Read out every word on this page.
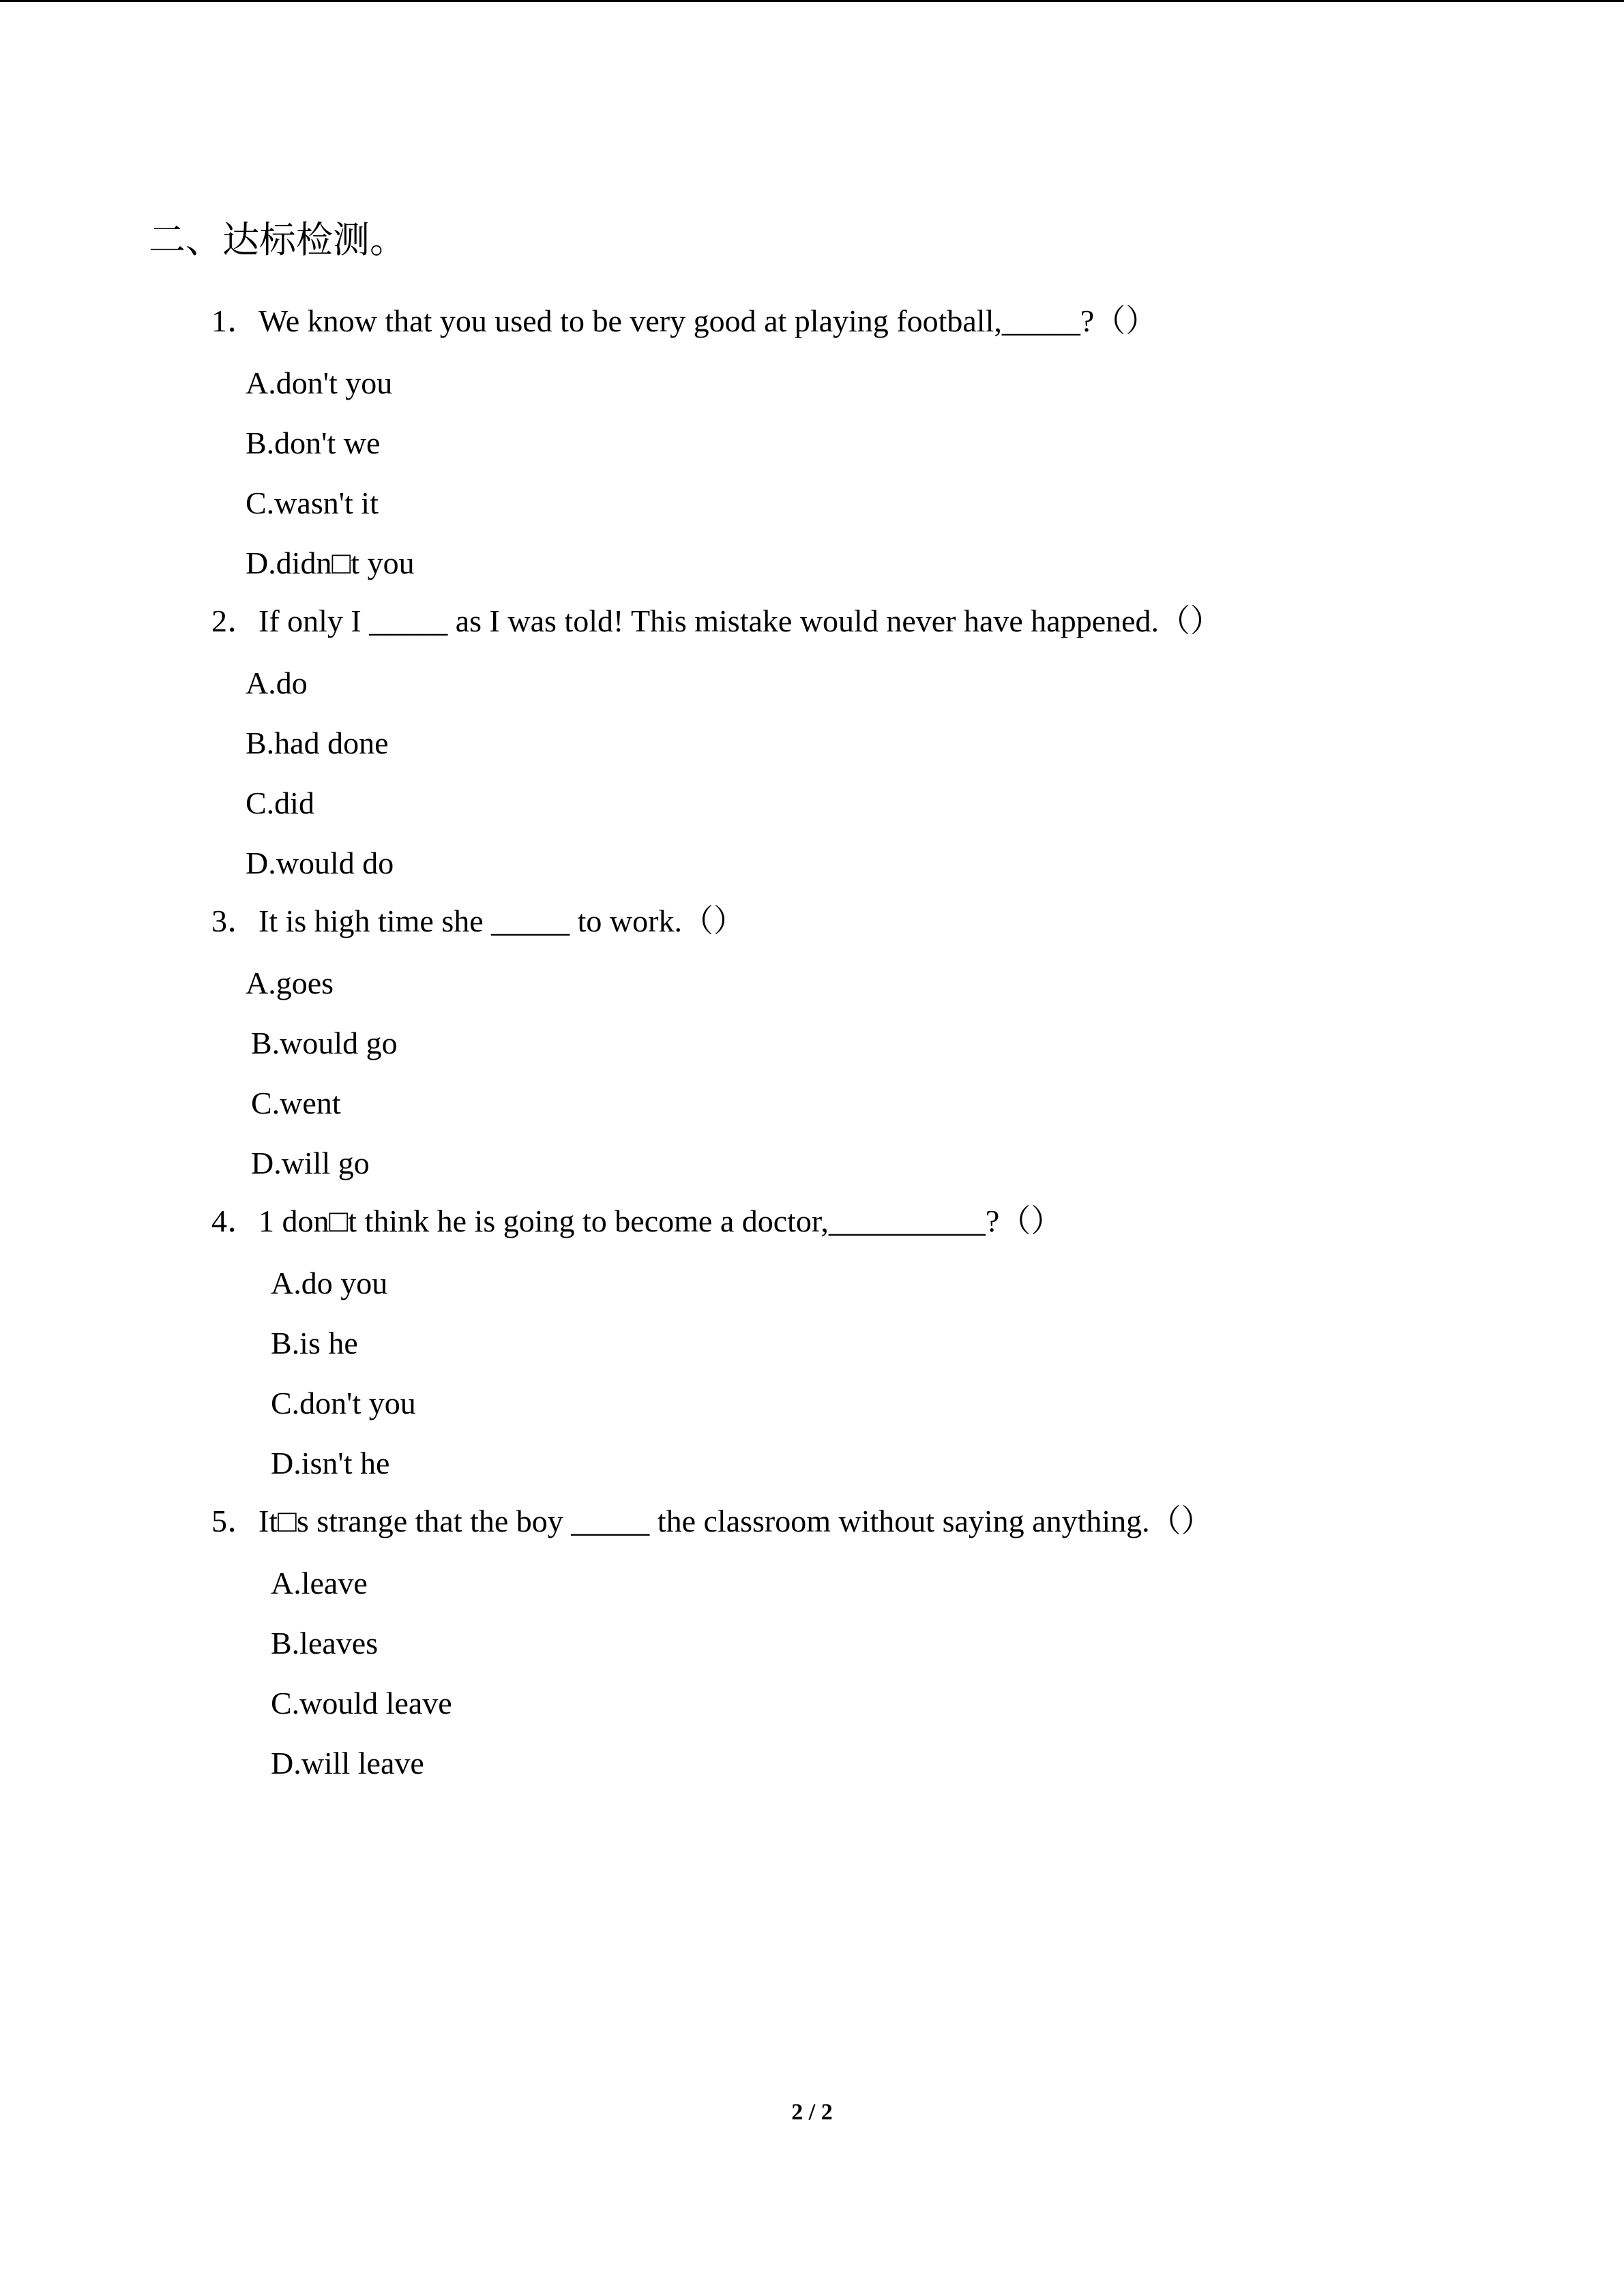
二、达标检测。
1．We know that you used to be very good at playing football,_____?（）
A.don't you
B.don't we
C.wasn't it
D.didn□t you
2．If only I _____ as I was told! This mistake would never have happened.（）
A.do
B.had done
C.did
D.would do
3．It is high time she _____ to work.（）
A.goes
B.would go
C.went
D.will go
4．1 don□t think he is going to become a doctor,__________?（）
A.do you
B.is he
C.don't you
D.isn't he
5．It□s strange that the boy _____ the classroom without saying anything.（）
A.leave
B.leaves
C.would leave
D.will leave
2 / 2
